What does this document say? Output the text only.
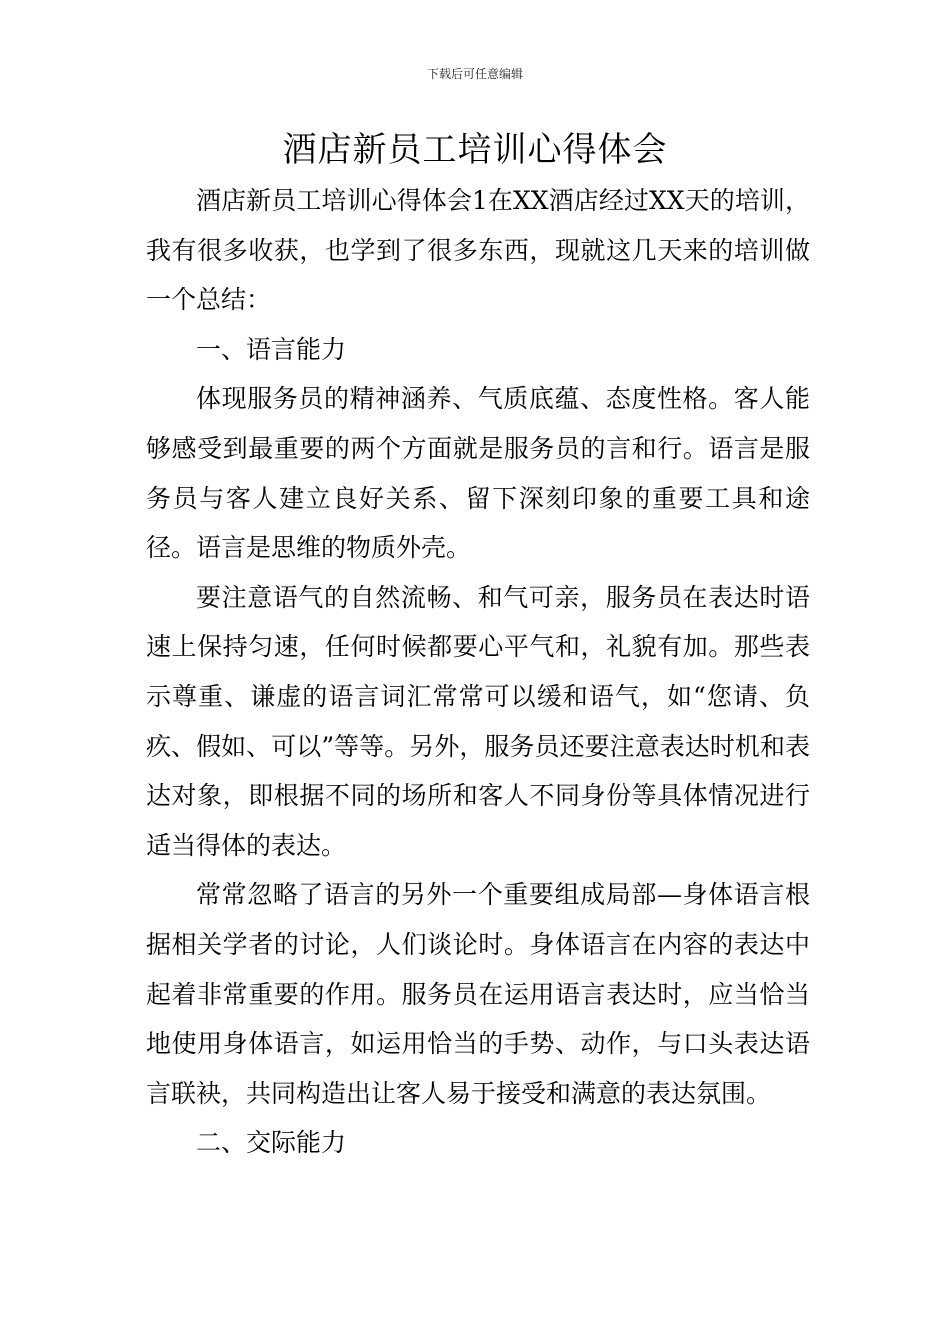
下载后可任意编辑
酒店新员工培训心得体会

酒店新员工培训心得体会1在XX酒店经过XX天的培训，我有很多收获，也学到了很多东西，现就这几天来的培训做一个总结：

一、语言能力

体现服务员的精神涵养、气质底蕴、态度性格。客人能够感受到最重要的两个方面就是服务员的言和行。语言是服务员与客人建立良好关系、留下深刻印象的重要工具和途径。语言是思维的物质外壳。

要注意语气的自然流畅、和气可亲，服务员在表达时语速上保持匀速，任何时候都要心平气和，礼貌有加。那些表示尊重、谦虚的语言词汇常常可以缓和语气，如“您请、负疚、假如、可以”等等。另外，服务员还要注意表达时机和表达对象，即根据不同的场所和客人不同身份等具体情况进行适当得体的表达。

常常忽略了语言的另外一个重要组成局部—身体语言根据相关学者的讨论，人们谈论时。身体语言在内容的表达中起着非常重要的作用。服务员在运用语言表达时，应当恰当地使用身体语言，如运用恰当的手势、动作，与口头表达语言联袂，共同构造出让客人易于接受和满意的表达氛围。

二、交际能力
